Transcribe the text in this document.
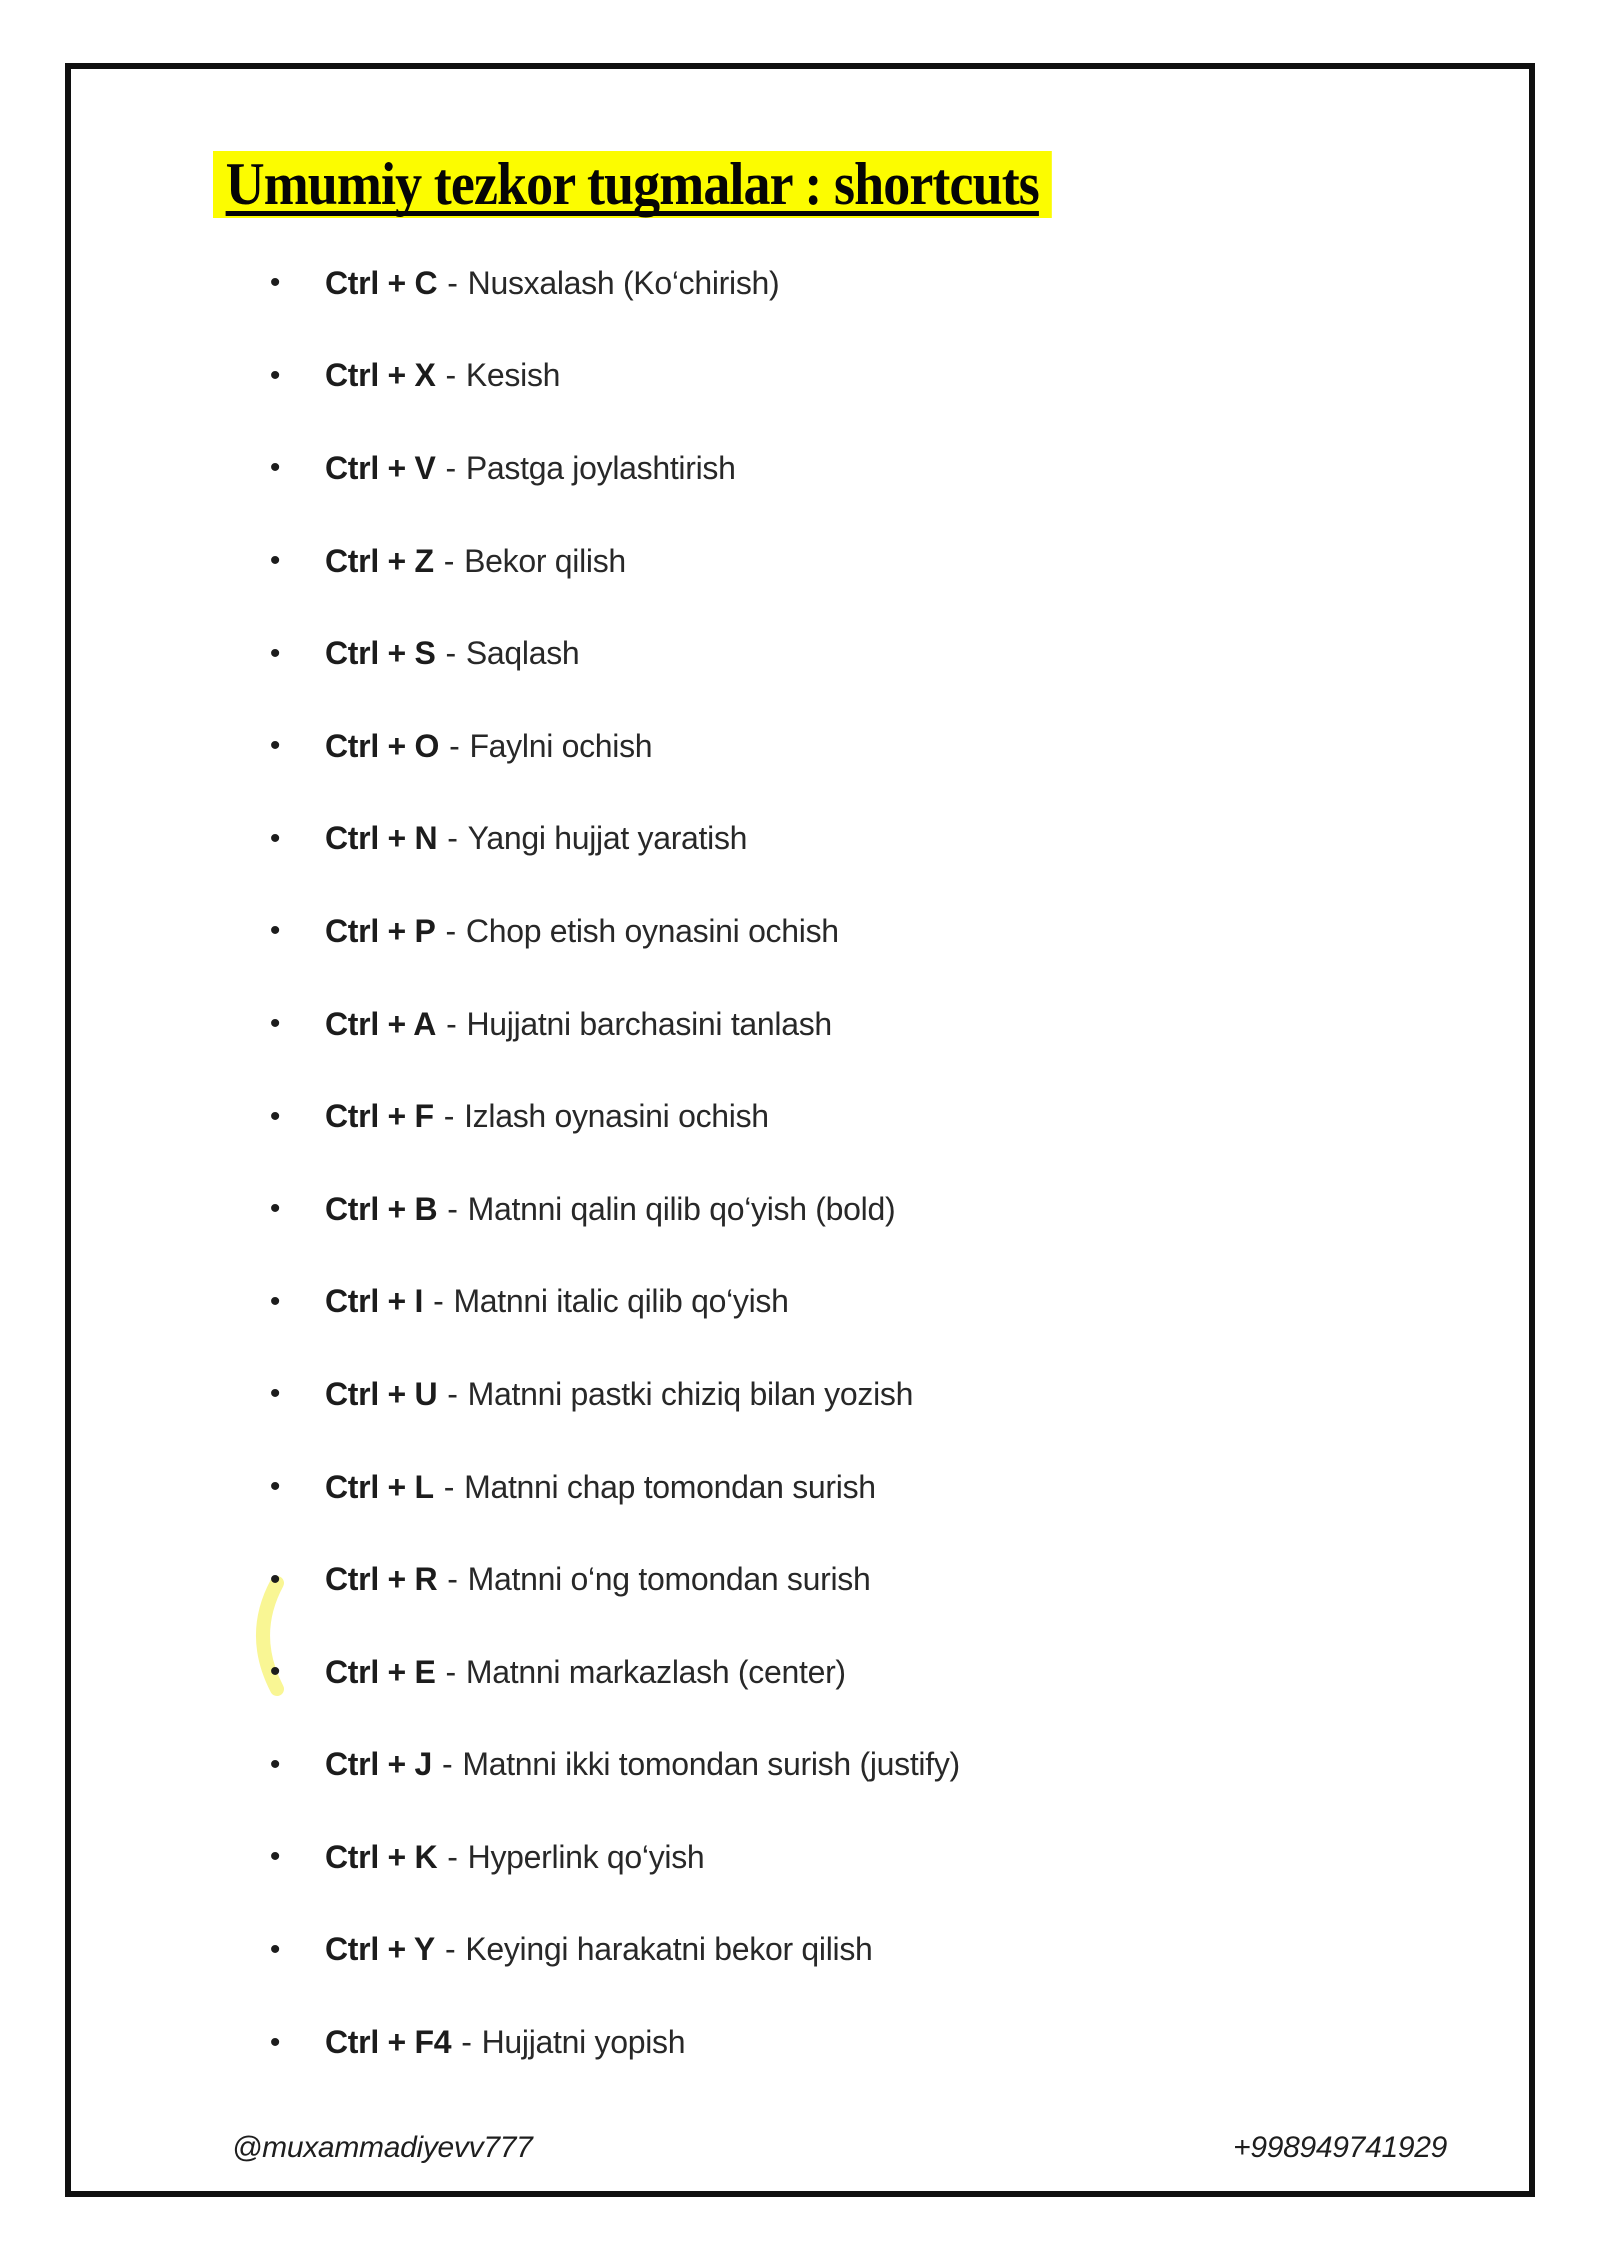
Umumiy tezkor tugmalar : shortcuts
• Ctrl + C - Nusxalash (Ko‘chirish)
• Ctrl + X - Kesish
• Ctrl + V - Pastga joylashtirish
• Ctrl + Z - Bekor qilish
• Ctrl + S - Saqlash
• Ctrl + O - Faylni ochish
• Ctrl + N - Yangi hujjat yaratish
• Ctrl + P - Chop etish oynasini ochish
• Ctrl + A - Hujjatni barchasini tanlash
• Ctrl + F - Izlash oynasini ochish
• Ctrl + B - Matnni qalin qilib qo‘yish (bold)
• Ctrl + I - Matnni italic qilib qo‘yish
• Ctrl + U - Matnni pastki chiziq bilan yozish
• Ctrl + L - Matnni chap tomondan surish
• Ctrl + R - Matnni o‘ng tomondan surish
• Ctrl + E - Matnni markazlash (center)
• Ctrl + J - Matnni ikki tomondan surish (justify)
• Ctrl + K - Hyperlink qo‘yish
• Ctrl + Y - Keyingi harakatni bekor qilish
• Ctrl + F4 - Hujjatni yopish
@muxammadiyevv777	+998949741929
